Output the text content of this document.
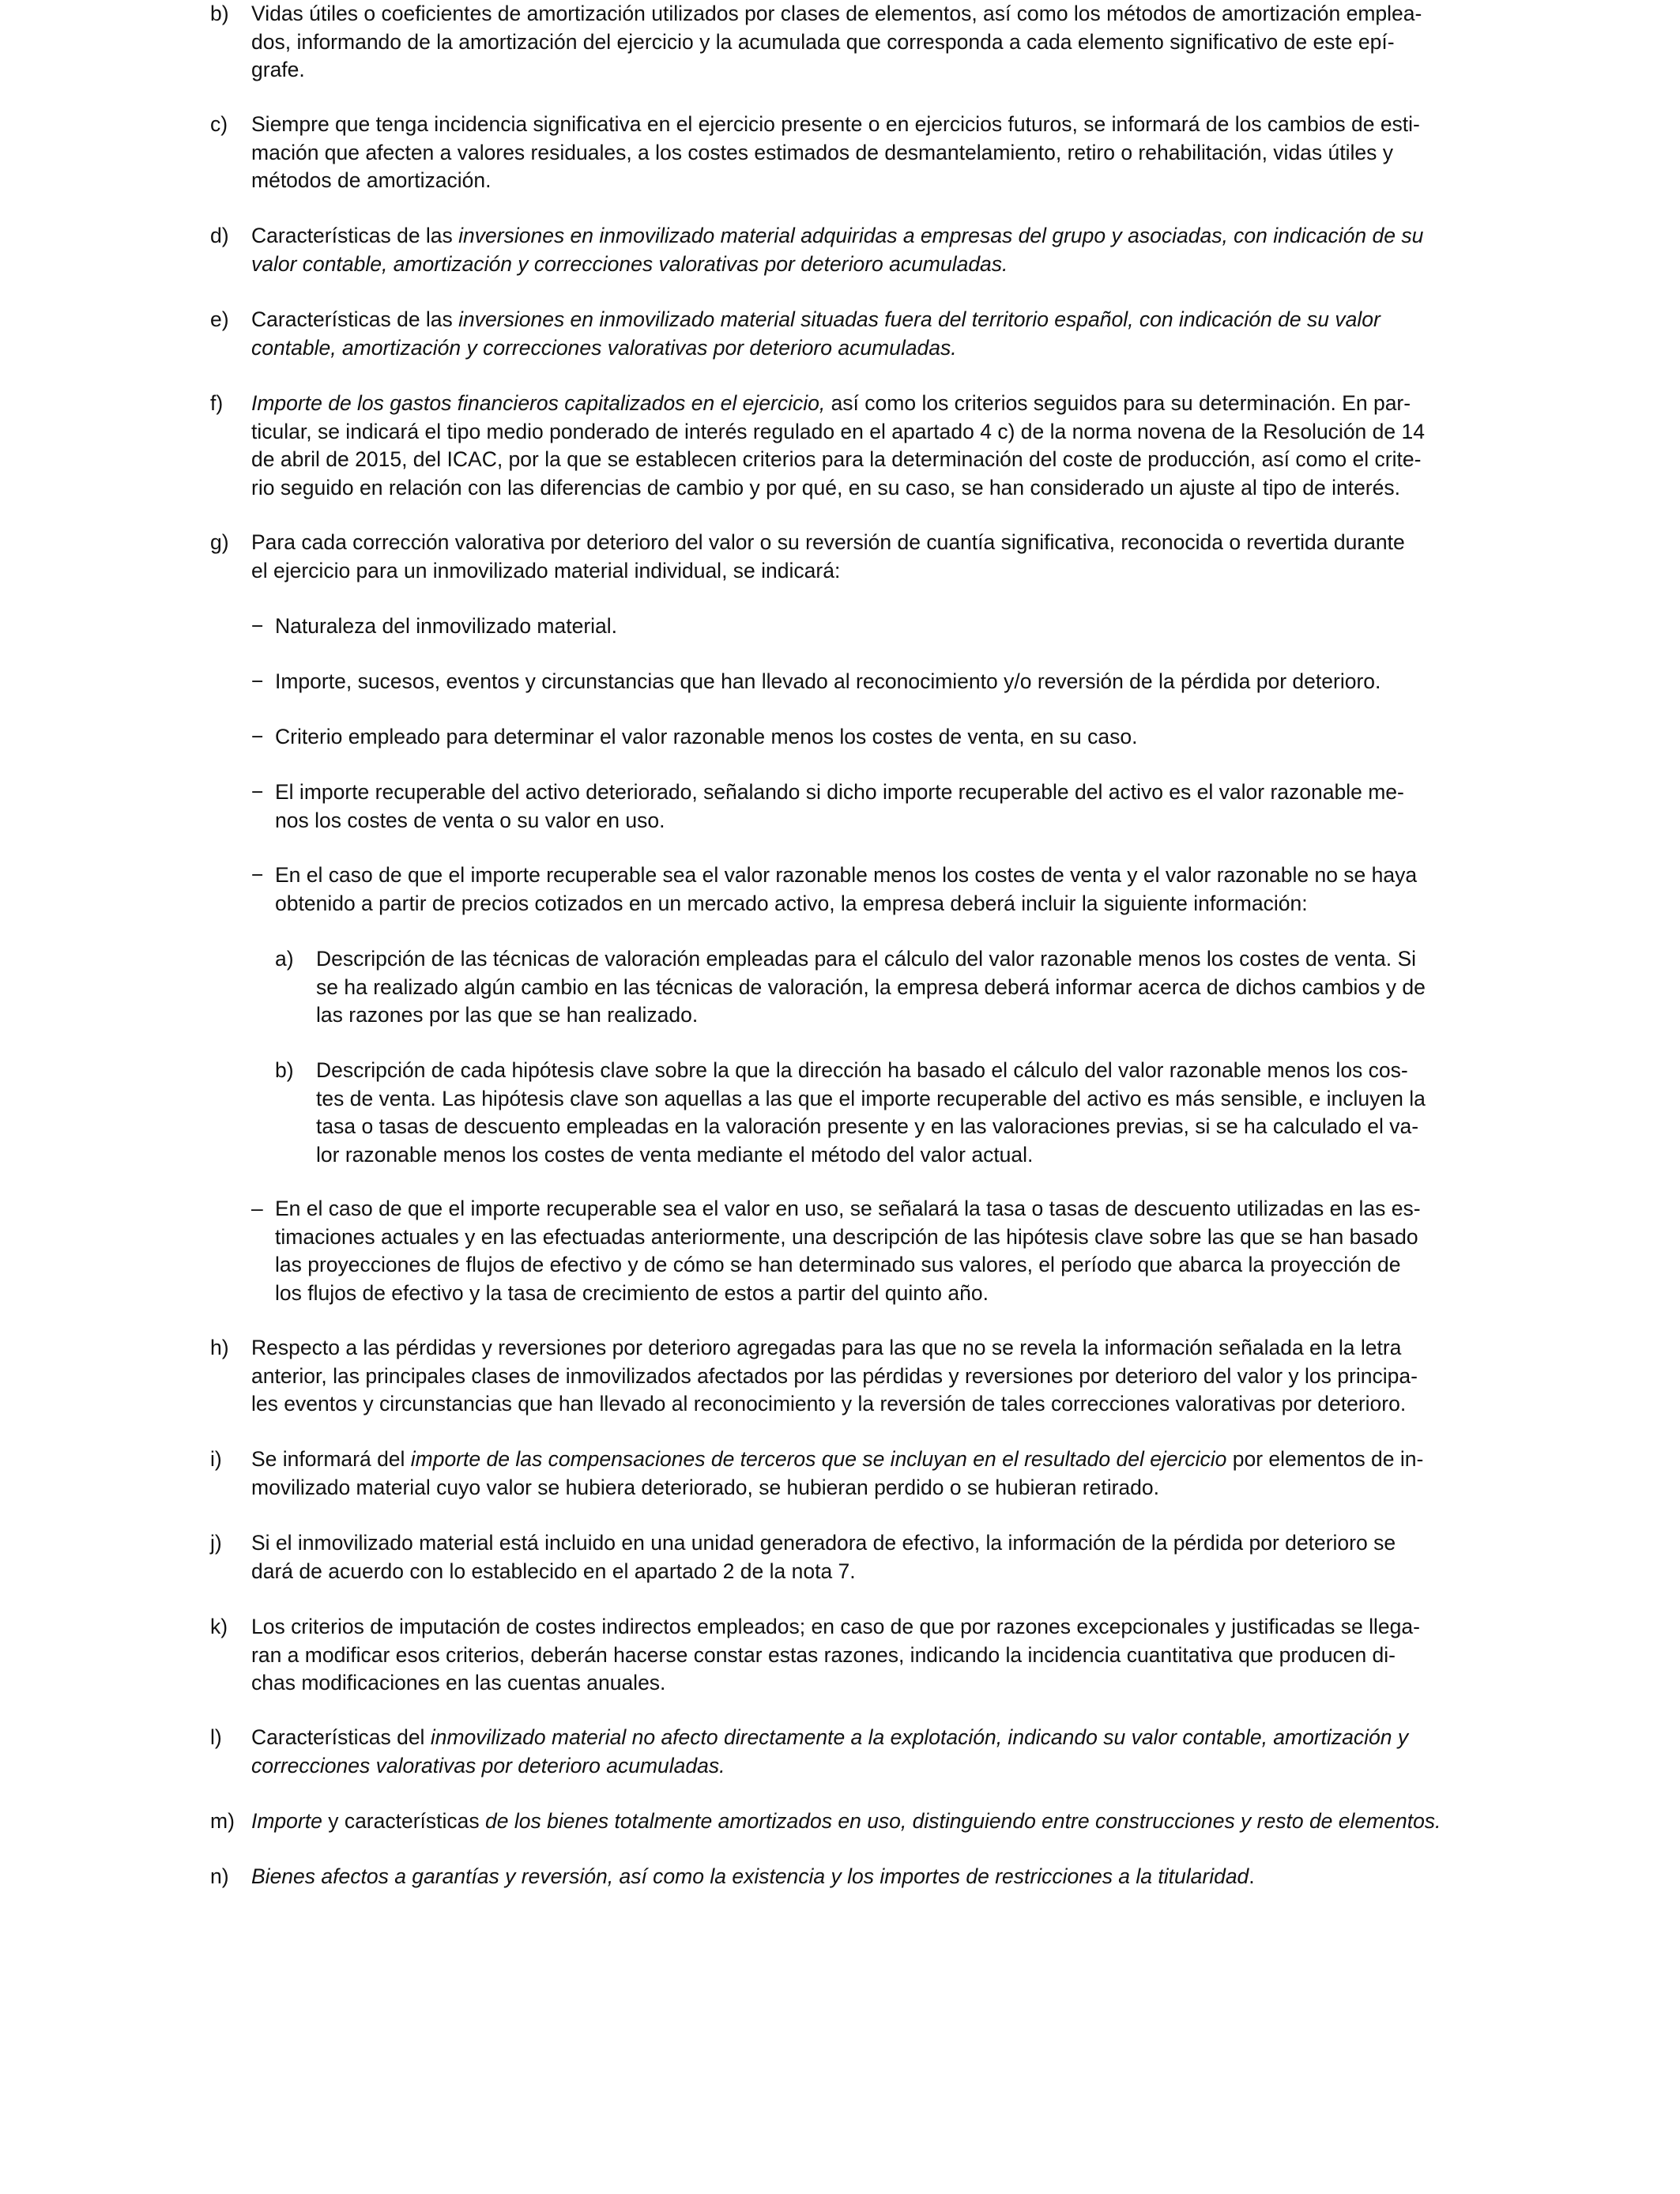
b)	Vidas útiles o coeficientes de amortización utilizados por clases de elementos, así como los métodos de amortización emplea-
dos, informando de la amortización del ejercicio y la acumulada que corresponda a cada elemento significativo de este epí-
grafe.
c)	Siempre que tenga incidencia significativa en el ejercicio presente o en ejercicios futuros, se informará de los cambios de esti-
mación que afecten a valores residuales, a los costes estimados de desmantelamiento, retiro o rehabilitación, vidas útiles y
métodos de amortización.
d)	Características de las inversiones en inmovilizado material adquiridas a empresas del grupo y asociadas, con indicación de su
valor contable, amortización y correcciones valorativas por deterioro acumuladas.
e)	Características de las inversiones en inmovilizado material situadas fuera del territorio español, con indicación de su valor
contable, amortización y correcciones valorativas por deterioro acumuladas.
f)	Importe de los gastos financieros capitalizados en el ejercicio, así como los criterios seguidos para su determinación. En par-
ticular, se indicará el tipo medio ponderado de interés regulado en el apartado 4 c) de la norma novena de la Resolución de 14
de abril de 2015, del ICAC, por la que se establecen criterios para la determinación del coste de producción, así como el crite-
rio seguido en relación con las diferencias de cambio y por qué, en su caso, se han considerado un ajuste al tipo de interés.
g)	Para cada corrección valorativa por deterioro del valor o su reversión de cuantía significativa, reconocida o revertida durante
el ejercicio para un inmovilizado material individual, se indicará:
− Naturaleza del inmovilizado material.
− Importe, sucesos, eventos y circunstancias que han llevado al reconocimiento y/o reversión de la pérdida por deterioro.
− Criterio empleado para determinar el valor razonable menos los costes de venta, en su caso.
− El importe recuperable del activo deteriorado, señalando si dicho importe recuperable del activo es el valor razonable me-
nos los costes de venta o su valor en uso.
− En el caso de que el importe recuperable sea el valor razonable menos los costes de venta y el valor razonable no se haya
obtenido a partir de precios cotizados en un mercado activo, la empresa deberá incluir la siguiente información:
a)	Descripción de las técnicas de valoración empleadas para el cálculo del valor razonable menos los costes de venta. Si
se ha realizado algún cambio en las técnicas de valoración, la empresa deberá informar acerca de dichos cambios y de
las razones por las que se han realizado.
b)	Descripción de cada hipótesis clave sobre la que la dirección ha basado el cálculo del valor razonable menos los cos-
tes de venta. Las hipótesis clave son aquellas a las que el importe recuperable del activo es más sensible, e incluyen la
tasa o tasas de descuento empleadas en la valoración presente y en las valoraciones previas, si se ha calculado el va-
lor razonable menos los costes de venta mediante el método del valor actual.
– En el caso de que el importe recuperable sea el valor en uso, se señalará la tasa o tasas de descuento utilizadas en las es-
timaciones actuales y en las efectuadas anteriormente, una descripción de las hipótesis clave sobre las que se han basado
las proyecciones de flujos de efectivo y de cómo se han determinado sus valores, el período que abarca la proyección de
los flujos de efectivo y la tasa de crecimiento de estos a partir del quinto año.
h)	Respecto a las pérdidas y reversiones por deterioro agregadas para las que no se revela la información señalada en la letra
anterior, las principales clases de inmovilizados afectados por las pérdidas y reversiones por deterioro del valor y los principa-
les eventos y circunstancias que han llevado al reconocimiento y la reversión de tales correcciones valorativas por deterioro.
i)	Se informará del importe de las compensaciones de terceros que se incluyan en el resultado del ejercicio por elementos de in-
movilizado material cuyo valor se hubiera deteriorado, se hubieran perdido o se hubieran retirado.
j)	Si el inmovilizado material está incluido en una unidad generadora de efectivo, la información de la pérdida por deterioro se
dará de acuerdo con lo establecido en el apartado 2 de la nota 7.
k)	Los criterios de imputación de costes indirectos empleados; en caso de que por razones excepcionales y justificadas se llega-
ran a modificar esos criterios, deberán hacerse constar estas razones, indicando la incidencia cuantitativa que producen di-
chas modificaciones en las cuentas anuales.
l)	Características del inmovilizado material no afecto directamente a la explotación, indicando su valor contable, amortización y
correcciones valorativas por deterioro acumuladas.
m) Importe y características de los bienes totalmente amortizados en uso, distinguiendo entre construcciones y resto de elementos.
n)	Bienes afectos a garantías y reversión, así como la existencia y los importes de restricciones a la titularidad.
